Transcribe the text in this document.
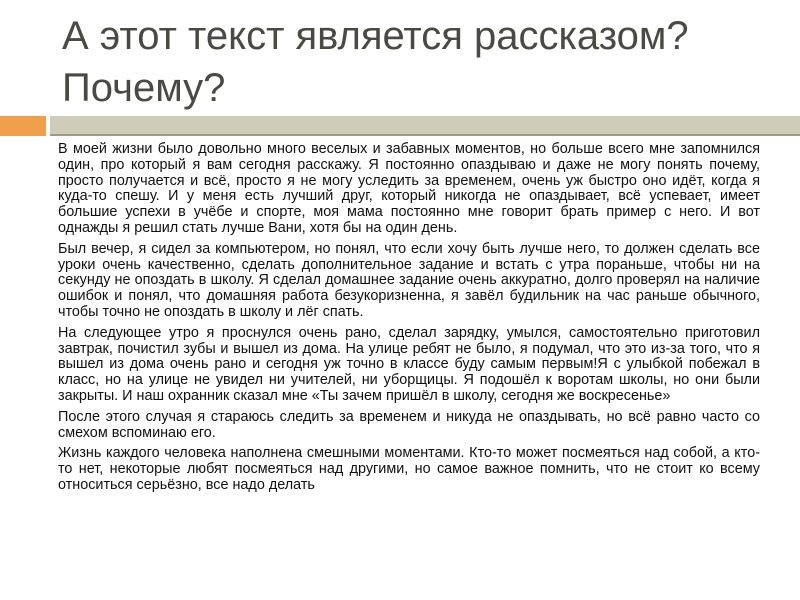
А этот текст является рассказом?
Почему?

В моей жизни было довольно много веселых и забавных моментов, но больше всего мне запомнился один, про который я вам сегодня расскажу. Я постоянно опаздываю и даже не могу понять почему, просто получается и всё, просто я не могу уследить за временем, очень уж быстро оно идёт, когда я куда-то спешу. И у меня есть лучший друг, который никогда не опаздывает, всё успевает, имеет большие успехи в учёбе и спорте, моя мама постоянно мне говорит брать пример с него. И вот однажды я решил стать лучше Вани, хотя бы на один день.

Был вечер, я сидел за компьютером, но понял, что если хочу быть лучше него, то должен сделать все уроки очень качественно, сделать дополнительное задание и встать с утра пораньше, чтобы ни на секунду не опоздать в школу. Я сделал домашнее задание очень аккуратно, долго проверял на наличие ошибок и понял, что домашняя работа безукоризненна, я завёл будильник на час раньше обычного, чтобы точно не опоздать в школу и лёг спать.

На следующее утро я проснулся очень рано, сделал зарядку, умылся, самостоятельно приготовил завтрак, почистил зубы и вышел из дома. На улице ребят не было, я подумал, что это из-за того, что я вышел из дома очень рано и сегодня уж точно в классе буду самым первым!Я с улыбкой побежал в класс, но на улице не увидел ни учителей, ни уборщицы. Я подошёл к воротам школы, но они были закрыты. И наш охранник сказал мне «Ты зачем пришёл в школу, сегодня же воскресенье»

После этого случая я стараюсь следить за временем и никуда не опаздывать, но всё равно часто со смехом вспоминаю его.

Жизнь каждого человека наполнена смешными моментами. Кто-то может посмеяться над собой, а кто-то нет, некоторые любят посмеяться над другими, но самое важное помнить, что не стоит ко всему относиться серьёзно, все надо делать
